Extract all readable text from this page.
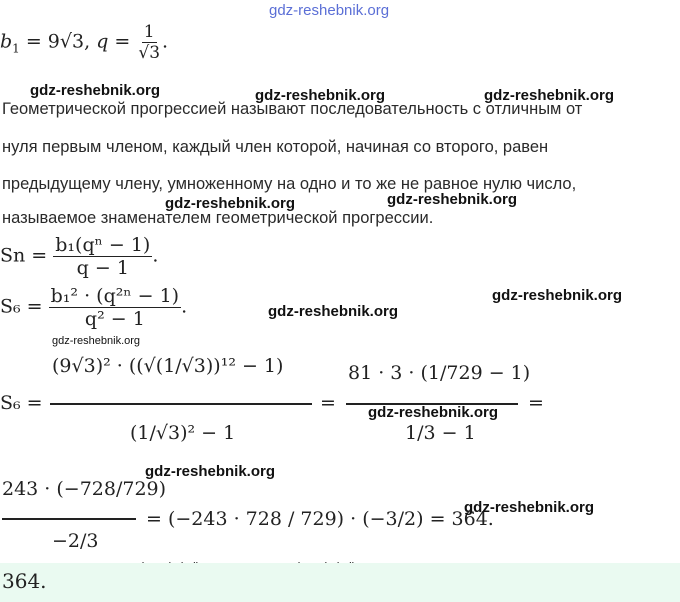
gdz-reshebnik.org
$b_1 = 9√3$, $q = \frac{1}{√3}$ .
Геометрической прогрессией называют последовательность с отличным от
нуля первым членом, каждый член которой, начиная со второго, равен
предыдущему члену, умноженному на одно и то же не равное нулю число,
называемое знаменателем геометрической прогрессии.
$Sn = \frac{\text{b₁(qⁿ − 1)}}{q - 1}$ .
$S_6 = \frac{\text{b₁² · (q²ⁿ − 1)}}{\text{q² − 1}}$ .
S₆ =
(9√3)² · ((√(1/√3))¹² − 1)
(1/√3)² − 1
=
81 · 3 · (1/729 − 1)
1/3 − 1
=
243 · (−728/729)
−2/3
= (−243 · 728 / 729) · (−3/2) = 364.
gdz-reshebnik.org	gdz-reshebnik.org	gdz-reshebnik.org
gdz-reshebnik.org	gdz-reshebnik.org
gdz-reshebnik.org
gdz-reshebnik.org
gdz-reshebnik.org
gdz-reshebnik.org
gdz-reshebnik.org
gdz-reshebnik.org
364.
